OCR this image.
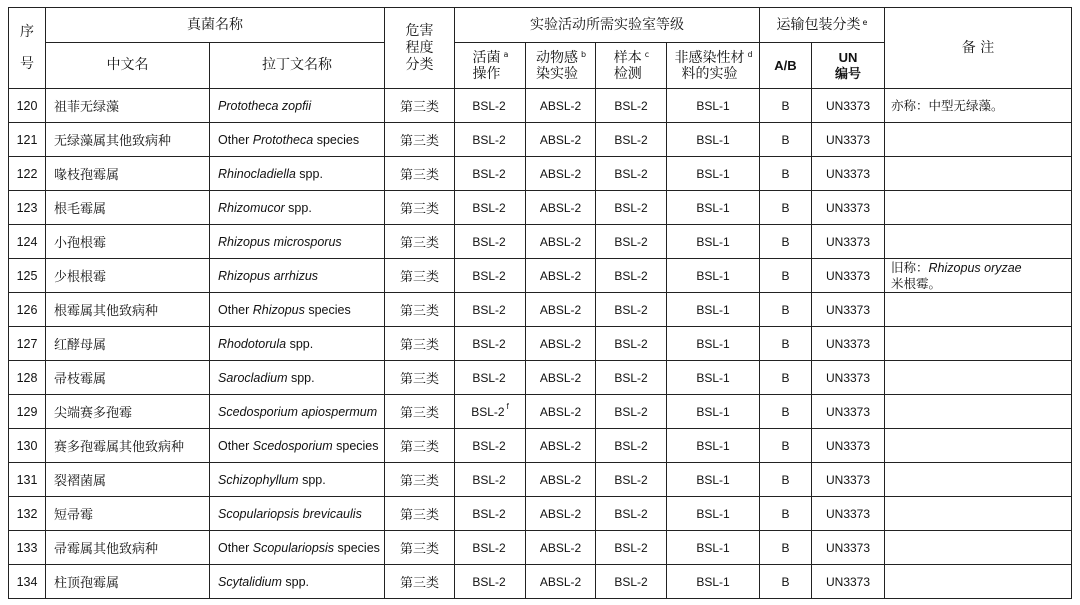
序号	真菌名称		危害程度分类	实验活动所需实验室等级				运输包装分类 $^e$		备 注
	中文名	拉丁文名称		活菌操作$^a$	动物感染实验$^b$	样本检测$^c$	非感染性材料的实验$^d$	A/B	UN编号	
120	祖菲无绿藻	Prototheca zopfii	第三类	BSL-2	ABSL-2	BSL-2	BSL-1	B	UN3373	亦称：中型无绿藻。

121	无绿藻属其他致病种	Other Prototheca species	第三类	BSL-2	ABSL-2	BSL-2	BSL-1	B	UN3373	

122	喙枝孢霉属	Rhinocladiella spp.	第三类	BSL-2	ABSL-2	BSL-2	BSL-1	B	UN3373	

123	根毛霉属	Rhizomucor spp.	第三类	BSL-2	ABSL-2	BSL-2	BSL-1	B	UN3373	

124	小孢根霉	Rhizopus microsporus	第三类	BSL-2	ABSL-2	BSL-2	BSL-1	B	UN3373	

125	少根根霉	Rhizopus arrhizus	第三类	BSL-2	ABSL-2	BSL-2	BSL-1	B	UN3373	旧称：Rhizopus oryzae
米根霉。
126	根霉属其他致病种	Other Rhizopus species	第三类	BSL-2	ABSL-2	BSL-2	BSL-1	B	UN3373	

127	红酵母属	Rhodotorula spp.	第三类	BSL-2	ABSL-2	BSL-2	BSL-1	B	UN3373	

128	帚枝霉属	Sarocladium spp.	第三类	BSL-2	ABSL-2	BSL-2	BSL-1	B	UN3373	

129	尖端赛多孢霉	Scedosporium apiospermum	第三类	BSL-2 $^f$	ABSL-2	BSL-2	BSL-1	B	UN3373	

130	赛多孢霉属其他致病种	Other Scedosporium species	第三类	BSL-2	ABSL-2	BSL-2	BSL-1	B	UN3373	

131	裂褶菌属	Schizophyllum spp.	第三类	BSL-2	ABSL-2	BSL-2	BSL-1	B	UN3373	

132	短帚霉	Scopulariopsis brevicaulis	第三类	BSL-2	ABSL-2	BSL-2	BSL-1	B	UN3373	

133	帚霉属其他致病种	Other Scopulariopsis species	第三类	BSL-2	ABSL-2	BSL-2	BSL-1	B	UN3373	

134	柱顶孢霉属	Scytalidium spp.	第三类	BSL-2	ABSL-2	BSL-2	BSL-1	B	UN3373	
